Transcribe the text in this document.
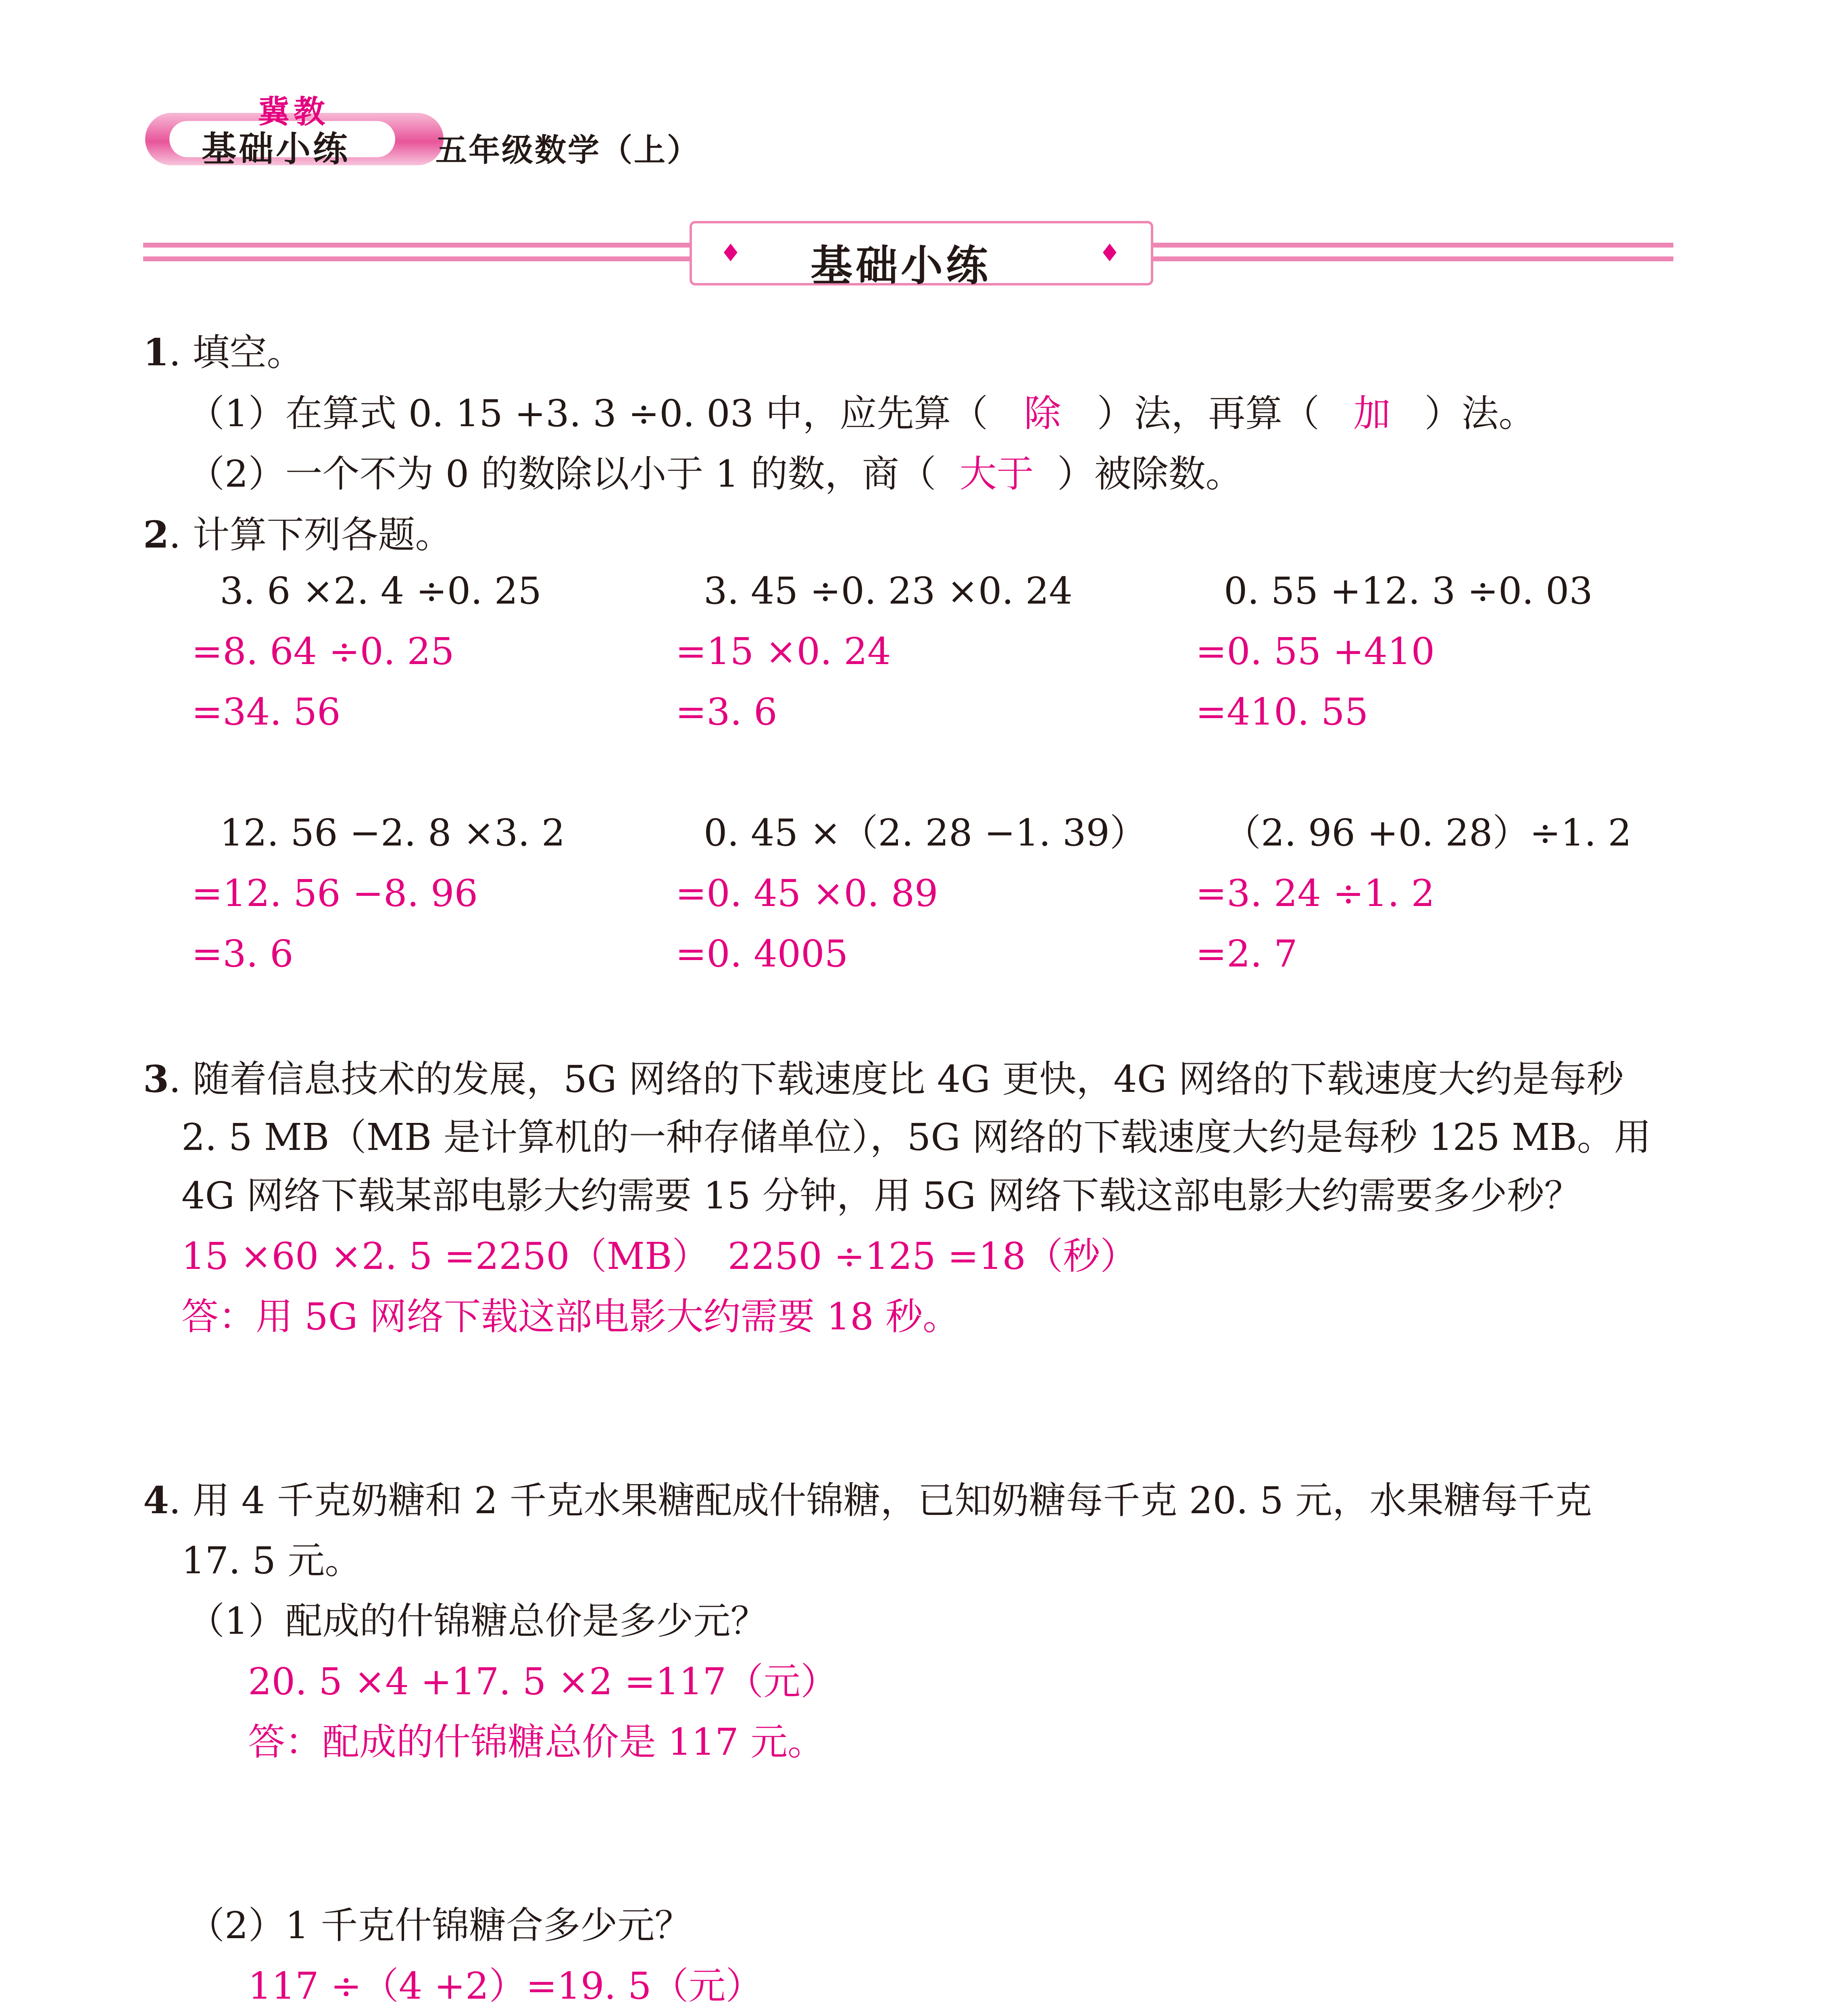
冀教
基础小练	五年级数学（上）
♦	♦
基础小练
1. 填空。
（1）在算式 0. 15 +3. 3 ÷0. 03 中，应先算（ 除 ）法，再算（ 加 ）法。
（2）一个不为 0 的数除以小于 1 的数，商（ 大于 ）被除数。
2. 计算下列各题。
3. 6 ×2. 4 ÷0. 25
=8. 64 ÷0. 25
=34. 56
3. 45 ÷0. 23 ×0. 24
=15 ×0. 24
=3. 6
0. 55 +12. 3 ÷0. 03
=0. 55 +410
=410. 55
12. 56 −2. 8 ×3. 2
=12. 56 −8. 96
=3. 6
0. 45 ×（2. 28 −1. 39）
=0. 45 ×0. 89
=0. 4005
（2. 96 +0. 28）÷1. 2
=3. 24 ÷1. 2
=2. 7
3. 随着信息技术的发展，5G 网络的下载速度比 4G 更快，4G 网络的下载速度大约是每秒
2. 5 MB（MB 是计算机的一种存储单位），5G 网络的下载速度大约是每秒 125 MB。用
4G 网络下载某部电影大约需要 15 分钟，用 5G 网络下载这部电影大约需要多少秒？
15 ×60 ×2. 5 =2250（MB）　2250 ÷125 =18（秒）
答：用 5G 网络下载这部电影大约需要 18 秒。
4. 用 4 千克奶糖和 2 千克水果糖配成什锦糖，已知奶糖每千克 20. 5 元，水果糖每千克
17. 5 元。
（1）配成的什锦糖总价是多少元？
20. 5 ×4 +17. 5 ×2 =117（元）
答：配成的什锦糖总价是 117 元。
（2）1 千克什锦糖合多少元？
117 ÷（4 +2）=19. 5（元）
